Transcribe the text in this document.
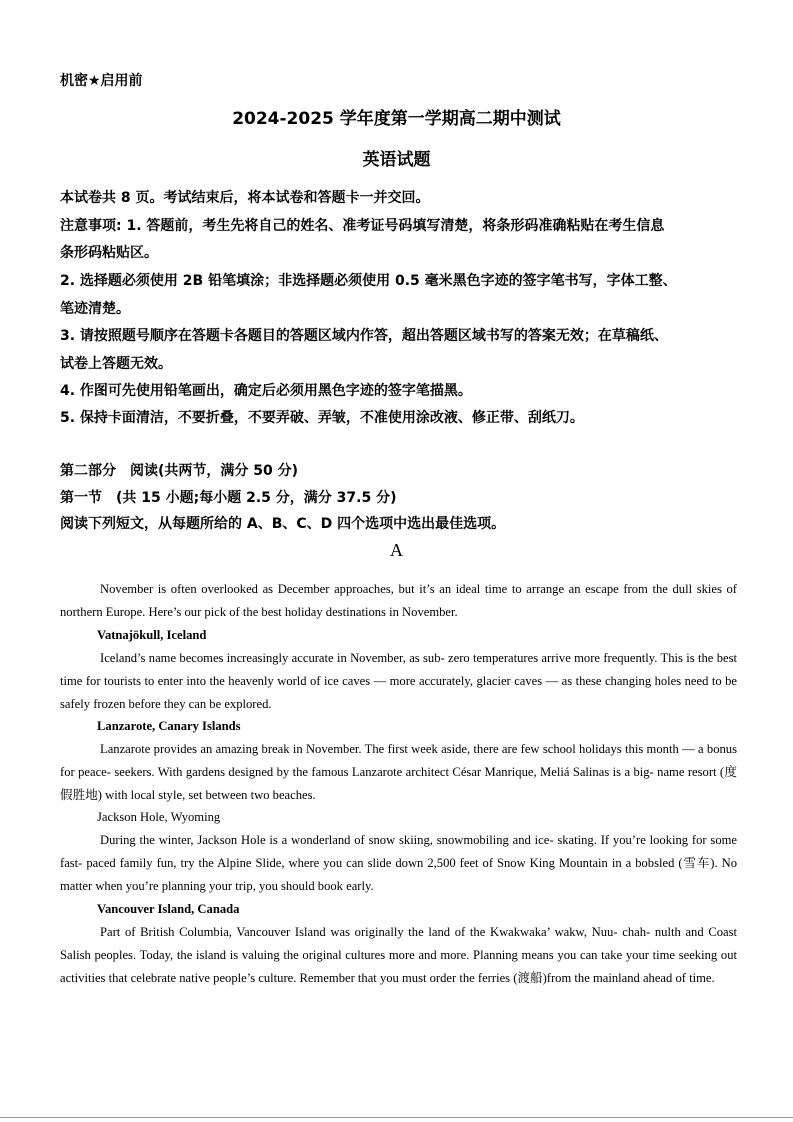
机密★启用前
2024-2025 学年度第一学期高二期中测试
英语试题
本试卷共 8 页。考试结束后，将本试卷和答题卡一并交回。
注意事项: 1. 答题前，考生先将自己的姓名、准考证号码填写清楚，将条形码准确粘贴在考生信息
条形码粘贴区。
2. 选择题必须使用 2B 铅笔填涂；非选择题必须使用 0.5 毫米黑色字迹的签字笔书写，字体工整、
笔迹清楚。
3. 请按照题号顺序在答题卡各题目的答题区域内作答，超出答题区域书写的答案无效；在草稿纸、
试卷上答题无效。
4. 作图可先使用铅笔画出，确定后必须用黑色字迹的签字笔描黑。
5. 保持卡面清洁，不要折叠，不要弄破、弄皱，不准使用涂改液、修正带、刮纸刀。
第二部分　阅读(共两节，满分 50 分)
第一节　(共 15 小题;每小题 2.5 分，满分 37.5 分)
阅读下列短文，从每题所给的 A、B、C、D 四个选项中选出最佳选项。
A
November is often overlooked as December approaches, but it’s an ideal time to arrange an escape from the dull skies of northern Europe. Here’s our pick of the best holiday destinations in November.
Vatnajökull, Iceland
Iceland’s name becomes increasingly accurate in November, as sub- zero temperatures arrive more frequently. This is the best time for tourists to enter into the heavenly world of ice caves — more accurately, glacier caves — as these changing holes need to be safely frozen before they can be explored.
Lanzarote, Canary Islands
Lanzarote provides an amazing break in November. The first week aside, there are few school holidays this month — a bonus for peace- seekers. With gardens designed by the famous Lanzarote architect César Manrique, Meliá Salinas is a big- name resort (度假胜地) with local style, set between two beaches.
Jackson Hole, Wyoming
During the winter, Jackson Hole is a wonderland of snow skiing, snowmobiling and ice- skating. If you’re looking for some fast- paced family fun, try the Alpine Slide, where you can slide down 2,500 feet of Snow King Mountain in a bobsled (雪车). No matter when you’re planning your trip, you should book early.
Vancouver Island, Canada
Part of British Columbia, Vancouver Island was originally the land of the Kwakwaka’ wakw, Nuu- chah- nulth and Coast Salish peoples. Today, the island is valuing the original cultures more and more. Planning means you can take your time seeking out activities that celebrate native people’s culture. Remember that you must order the ferries (渡船)from the mainland ahead of time.
